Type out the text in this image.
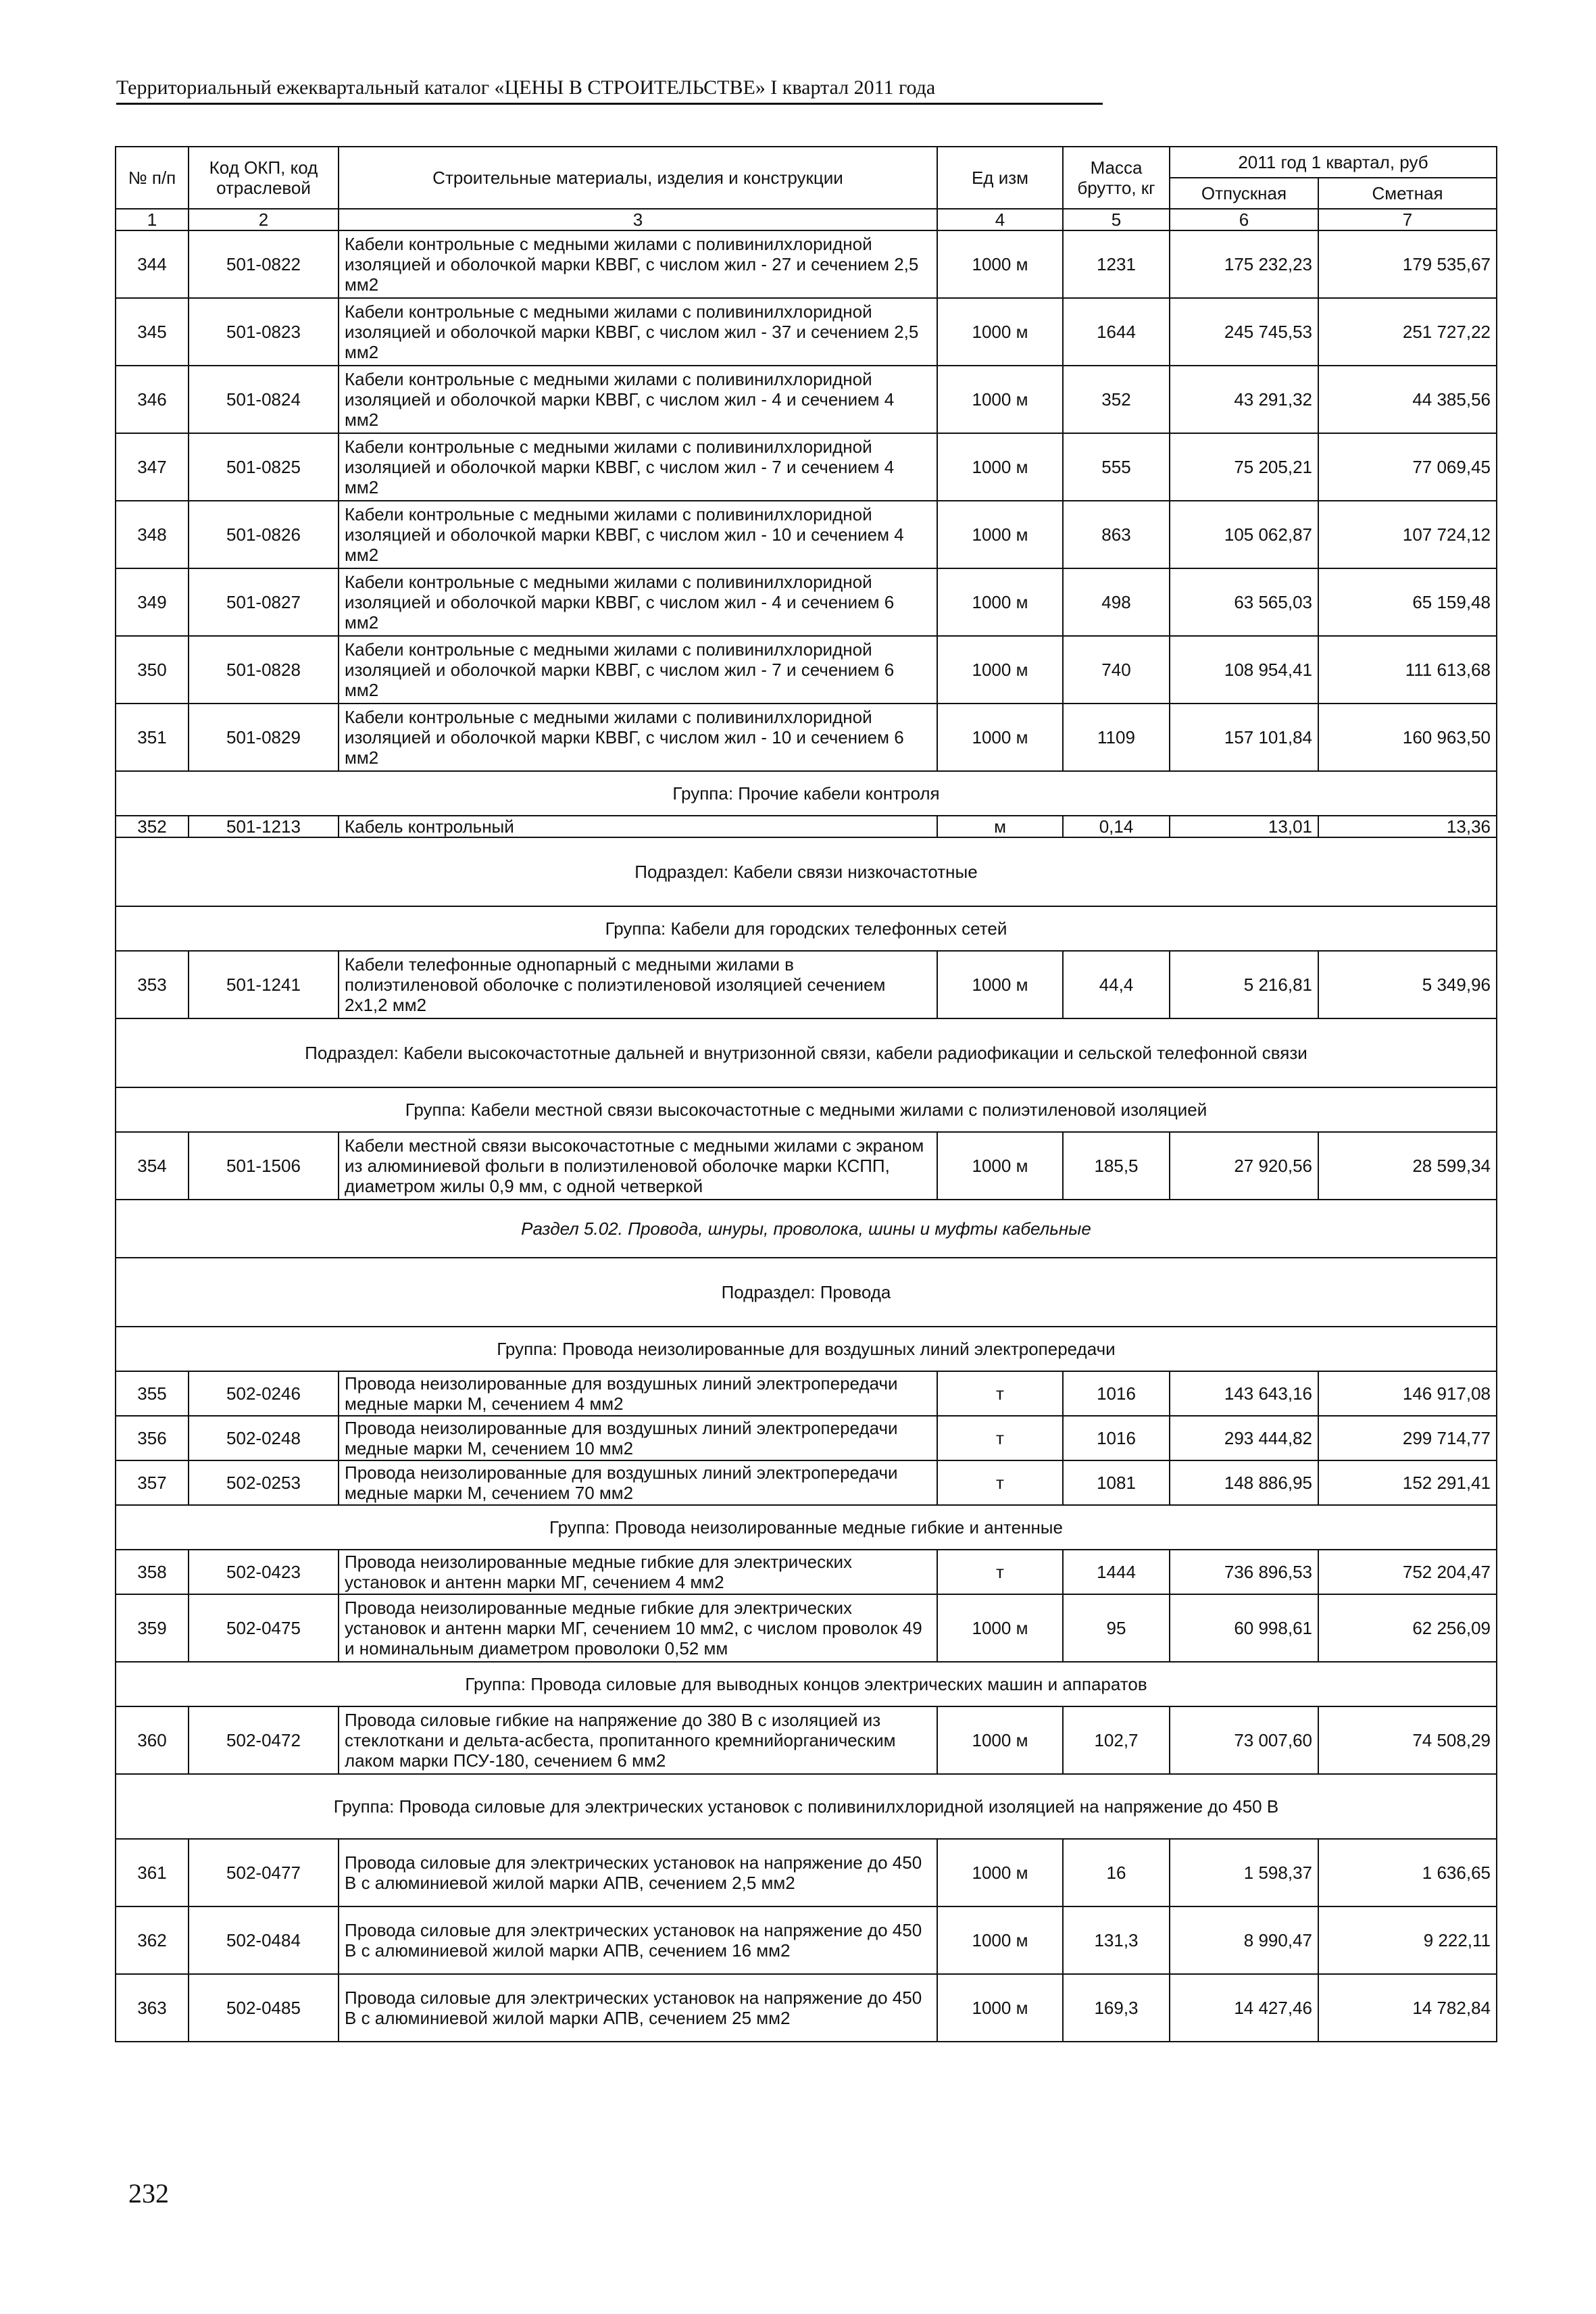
Территориальный ежеквартальный каталог «ЦЕНЫ В СТРОИТЕЛЬСТВЕ» I квартал 2011 года
№ п/п	Код ОКП, код отраслевой	Строительные материалы, изделия и конструкции	Ед изм	Масса брутто, кг	2011 год 1 квартал, руб	
					Отпускная	Сметная
1	2	3	4	5	6	7
344	501-0822	Кабели контрольные с медными жилами с поливинилхлоридной изоляцией и оболочкой марки КВВГ, с числом жил - 27 и сечением 2,5 мм2	1000 м	1231	175 232,23	179 535,67
345	501-0823	Кабели контрольные с медными жилами с поливинилхлоридной изоляцией и оболочкой марки КВВГ, с числом жил - 37 и сечением 2,5 мм2	1000 м	1644	245 745,53	251 727,22
346	501-0824	Кабели контрольные с медными жилами с поливинилхлоридной изоляцией и оболочкой марки КВВГ, с числом жил - 4 и сечением 4 мм2	1000 м	352	43 291,32	44 385,56
347	501-0825	Кабели контрольные с медными жилами с поливинилхлоридной изоляцией и оболочкой марки КВВГ, с числом жил - 7 и сечением 4 мм2	1000 м	555	75 205,21	77 069,45
348	501-0826	Кабели контрольные с медными жилами с поливинилхлоридной изоляцией и оболочкой марки КВВГ, с числом жил - 10 и сечением 4 мм2	1000 м	863	105 062,87	107 724,12
349	501-0827	Кабели контрольные с медными жилами с поливинилхлоридной изоляцией и оболочкой марки КВВГ, с числом жил - 4 и сечением 6 мм2	1000 м	498	63 565,03	65 159,48
350	501-0828	Кабели контрольные с медными жилами с поливинилхлоридной изоляцией и оболочкой марки КВВГ, с числом жил - 7 и сечением 6 мм2	1000 м	740	108 954,41	111 613,68
351	501-0829	Кабели контрольные с медными жилами с поливинилхлоридной изоляцией и оболочкой марки КВВГ, с числом жил - 10 и сечением 6 мм2	1000 м	1109	157 101,84	160 963,50
Группа: Прочие кабели контроля						
352	501-1213	Кабель контрольный	м	0,14	13,01	13,36
Подраздел: Кабели связи низкочастотные						
Группа: Кабели для городских телефонных сетей						
353	501-1241	Кабели телефонные однопарный с медными жилами в полиэтиленовой оболочке с полиэтиленовой изоляцией сечением 2х1,2 мм2	1000 м	44,4	5 216,81	5 349,96
Подраздел: Кабели высокочастотные дальней и внутризонной связи, кабели радиофикации и сельской телефонной связи						
Группа: Кабели местной связи высокочастотные с медными жилами с полиэтиленовой изоляцией						
354	501-1506	Кабели местной связи высокочастотные с медными жилами с экраном из алюминиевой фольги в полиэтиленовой оболочке марки КСПП, диаметром жилы 0,9 мм, с одной четверкой	1000 м	185,5	27 920,56	28 599,34
Раздел 5.02. Провода, шнуры, проволока, шины и муфты кабельные						
Подраздел: Провода						
Группа: Провода неизолированные для воздушных линий электропередачи						
355	502-0246	Провода неизолированные для воздушных линий электропередачи медные марки М, сечением 4 мм2	т	1016	143 643,16	146 917,08
356	502-0248	Провода неизолированные для воздушных линий электропередачи медные марки М, сечением 10 мм2	т	1016	293 444,82	299 714,77
357	502-0253	Провода неизолированные для воздушных линий электропередачи медные марки М, сечением 70 мм2	т	1081	148 886,95	152 291,41
Группа: Провода неизолированные медные гибкие и антенные						
358	502-0423	Провода неизолированные медные гибкие для электрических установок и антенн марки МГ, сечением 4 мм2	т	1444	736 896,53	752 204,47
359	502-0475	Провода неизолированные медные гибкие для электрических установок и антенн марки МГ, сечением 10 мм2, с числом проволок 49 и номинальным диаметром проволоки 0,52 мм	1000 м	95	60 998,61	62 256,09
Группа: Провода силовые для выводных концов электрических машин и аппаратов						
360	502-0472	Провода силовые гибкие на напряжение до 380 В с изоляцией из стеклоткани и дельта-асбеста, пропитанного кремнийорганическим лаком марки ПСУ-180, сечением 6 мм2	1000 м	102,7	73 007,60	74 508,29
Группа: Провода силовые для электрических установок с поливинилхлоридной изоляцией на напряжение до 450 В						
361	502-0477	Провода силовые для электрических установок на напряжение до 450 В с алюминиевой жилой марки АПВ, сечением 2,5 мм2	1000 м	16	1 598,37	1 636,65
362	502-0484	Провода силовые для электрических установок на напряжение до 450 В с алюминиевой жилой марки АПВ, сечением 16 мм2	1000 м	131,3	8 990,47	9 222,11
363	502-0485	Провода силовые для электрических установок на напряжение до 450 В с алюминиевой жилой марки АПВ, сечением 25 мм2	1000 м	169,3	14 427,46	14 782,84
232
